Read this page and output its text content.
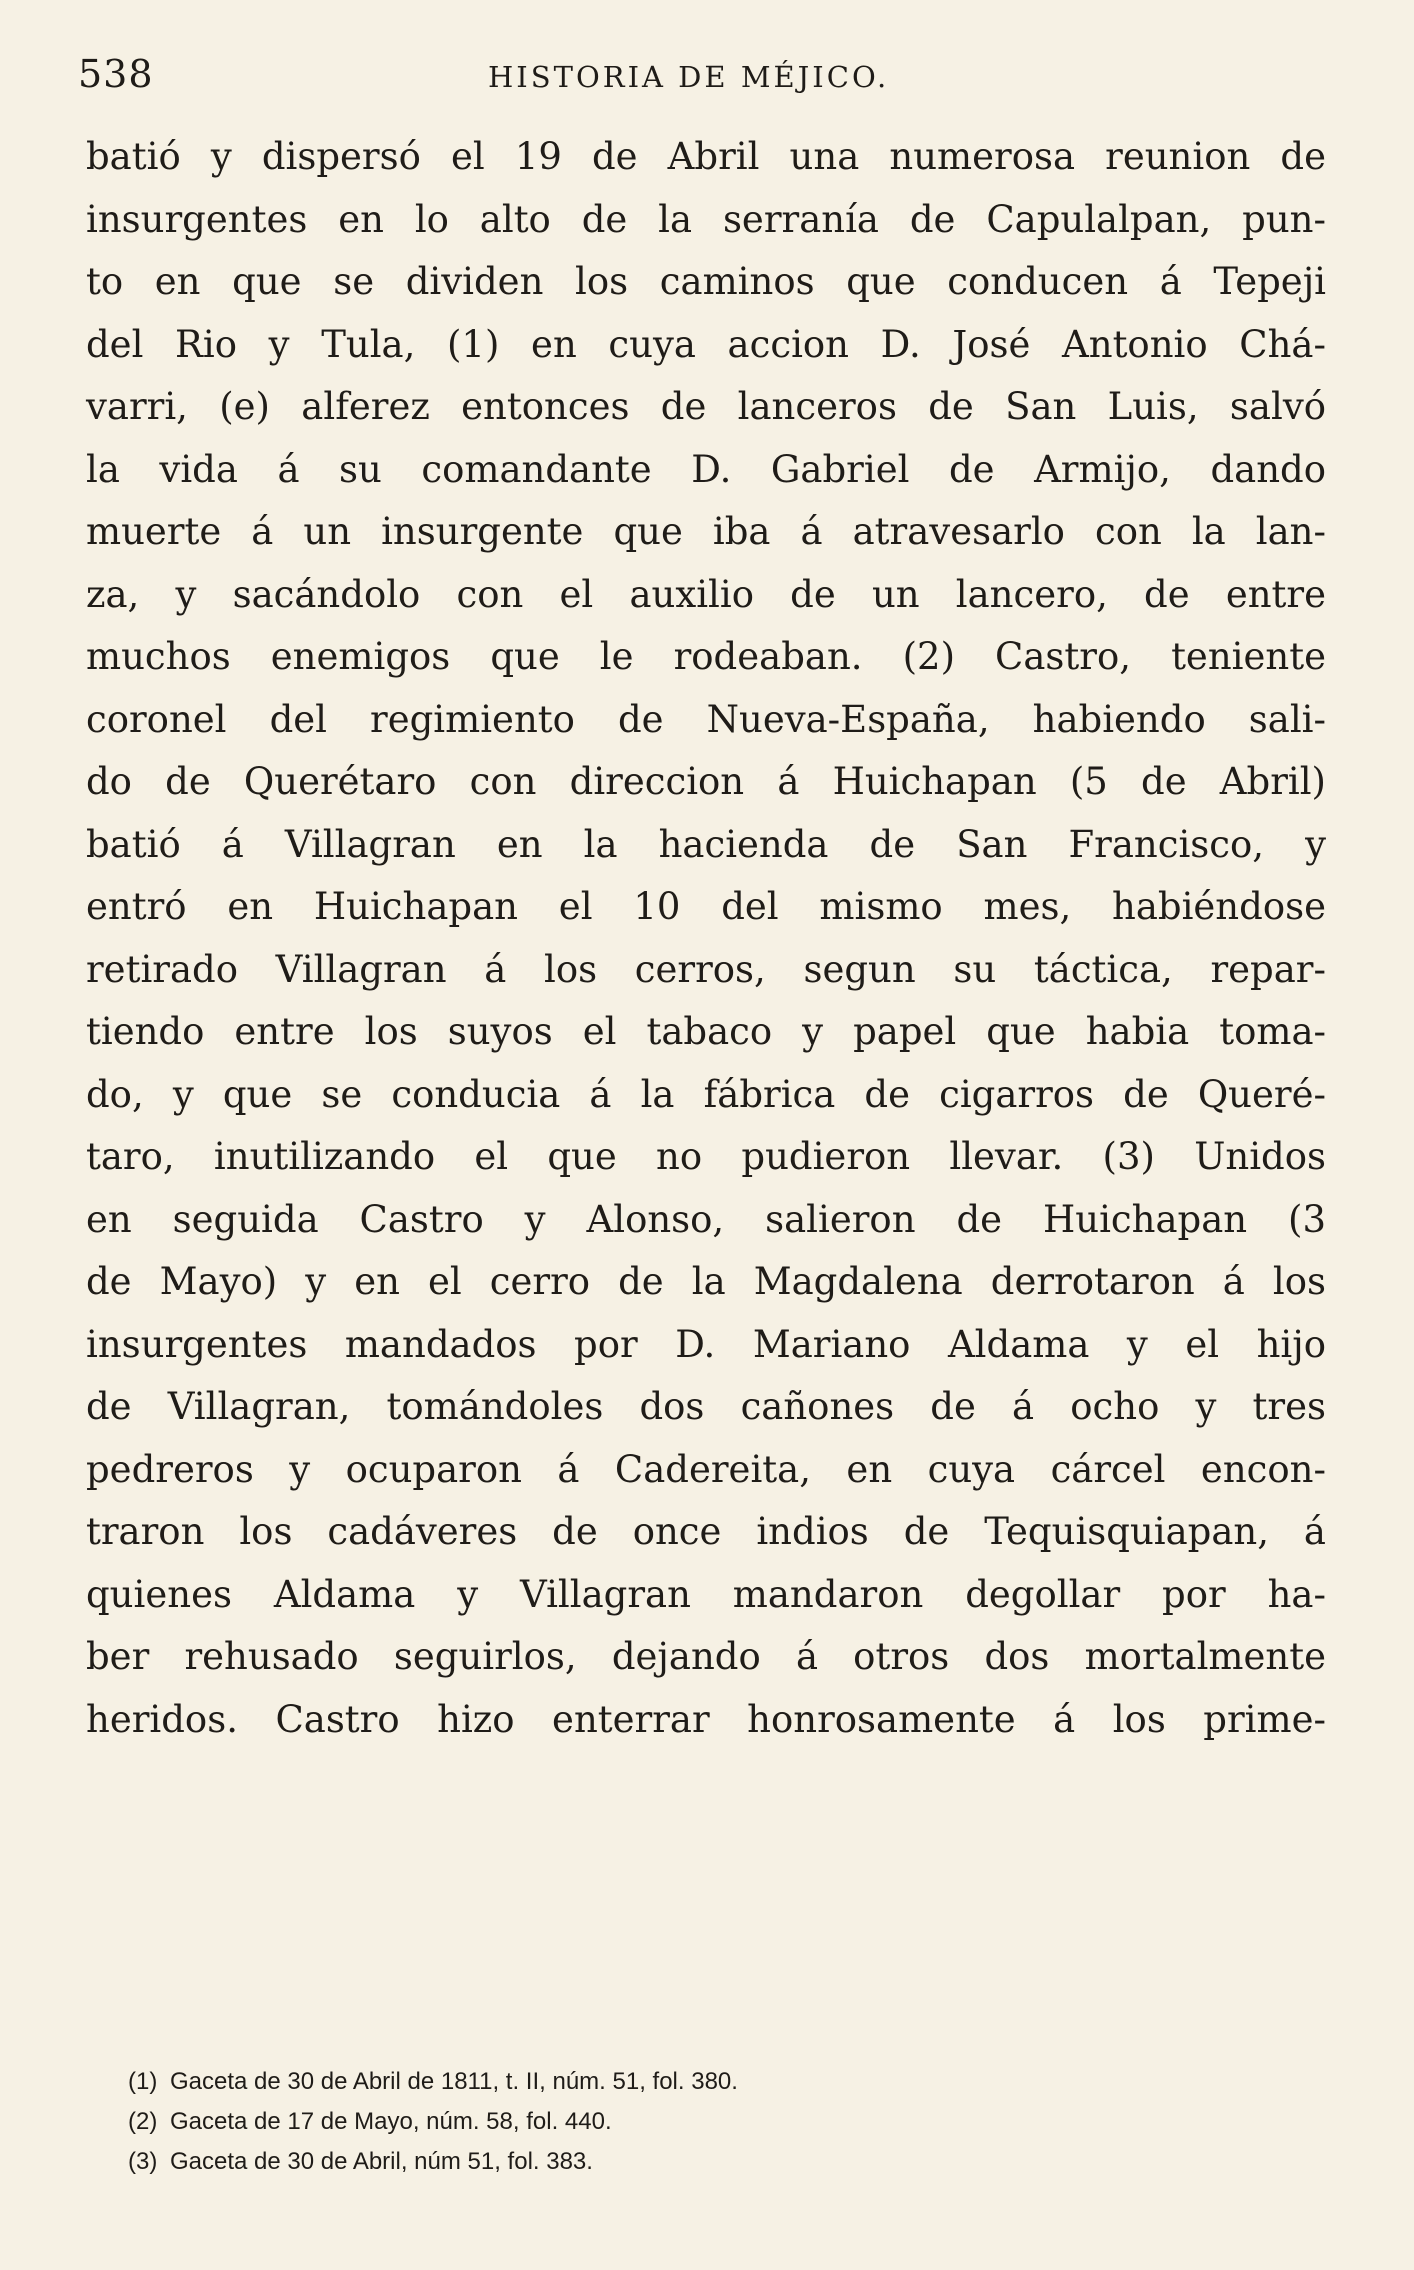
538	HISTORIA DE MÉJICO.
batió y dispersó el 19 de Abril una numerosa reunion de
insurgentes en lo alto de la serranía de Capulalpan, pun-
to en que se dividen los caminos que conducen á Tepeji
del Rio y Tula, (1) en cuya accion D. José Antonio Chá-
varri, (e) alferez entonces de lanceros de San Luis, salvó
la vida á su comandante D. Gabriel de Armijo, dando
muerte á un insurgente que iba á atravesarlo con la lan-
za, y sacándolo con el auxilio de un lancero, de entre
muchos enemigos que le rodeaban. (2) Castro, teniente
coronel del regimiento de Nueva-España, habiendo sali-
do de Querétaro con direccion á Huichapan (5 de Abril)
batió á Villagran en la hacienda de San Francisco, y
entró en Huichapan el 10 del mismo mes, habiéndose
retirado Villagran á los cerros, segun su táctica, repar-
tiendo entre los suyos el tabaco y papel que habia toma-
do, y que se conducia á la fábrica de cigarros de Queré-
taro, inutilizando el que no pudieron llevar. (3) Unidos
en seguida Castro y Alonso, salieron de Huichapan (3
de Mayo) y en el cerro de la Magdalena derrotaron á los
insurgentes mandados por D. Mariano Aldama y el hijo
de Villagran, tomándoles dos cañones de á ocho y tres
pedreros y ocuparon á Cadereita, en cuya cárcel encon-
traron los cadáveres de once indios de Tequisquiapan, á
quienes Aldama y Villagran mandaron degollar por ha-
ber rehusado seguirlos, dejando á otros dos mortalmente
heridos. Castro hizo enterrar honrosamente á los prime-
(1) Gaceta de 30 de Abril de 1811, t. II, núm. 51, fol. 380.
(2) Gaceta de 17 de Mayo, núm. 58, fol. 440.
(3) Gaceta de 30 de Abril, núm 51, fol. 383.
